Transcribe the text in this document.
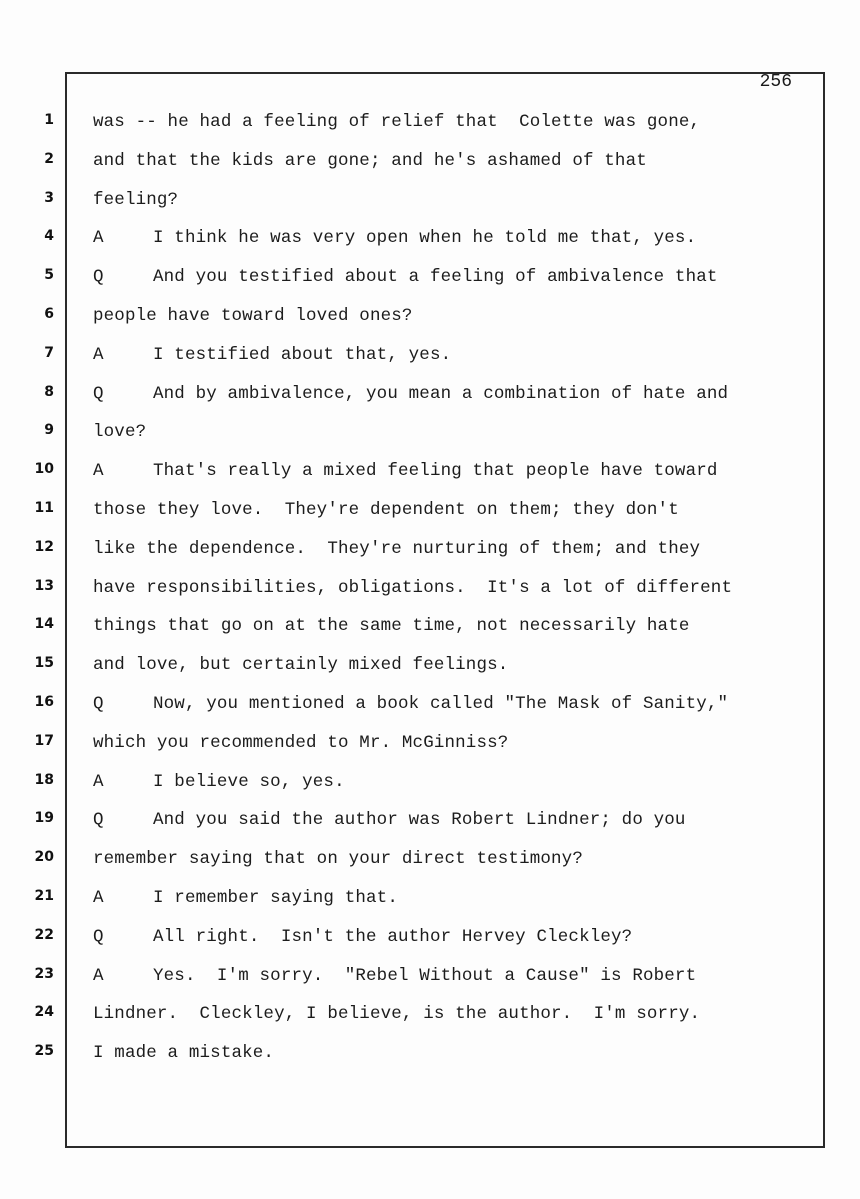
256
1
2
3
4
5
6
7
8
9
10
11
12
13
14
15
16
17
18
19
20
21
22
23
24
25
was -- he had a feeling of relief that  Colette was gone,
and that the kids are gone; and he's ashamed of that
feeling?
A	I think he was very open when he told me that, yes.
Q	And you testified about a feeling of ambivalence that
people have toward loved ones?
A	I testified about that, yes.
Q	And by ambivalence, you mean a combination of hate and
love?
A	That's really a mixed feeling that people have toward
those they love.  They're dependent on them; they don't
like the dependence.  They're nurturing of them; and they
have responsibilities, obligations.  It's a lot of different
things that go on at the same time, not necessarily hate
and love, but certainly mixed feelings.
Q	Now, you mentioned a book called "The Mask of Sanity,"
which you recommended to Mr. McGinniss?
A	I believe so, yes.
Q	And you said the author was Robert Lindner; do you
remember saying that on your direct testimony?
A	I remember saying that.
Q	All right.  Isn't the author Hervey Cleckley?
A	Yes.  I'm sorry.  "Rebel Without a Cause" is Robert
Lindner.  Cleckley, I believe, is the author.  I'm sorry.
I made a mistake.
